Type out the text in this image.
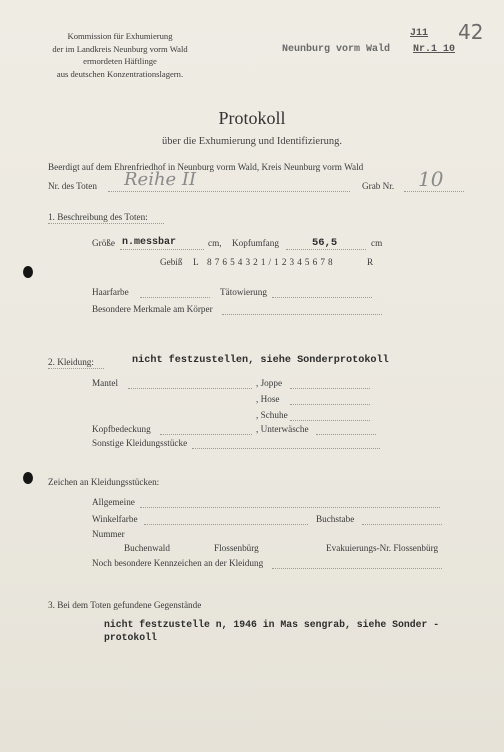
Kommission für Exhumierung
der im Landkreis Neunburg vorm Wald
ermordeten Häftlinge
aus deutschen Konzentrationslagern.
Neunburg vorm Wald Nr.1 10
J11 42
Protokoll
über die Exhumierung und Identifizierung.
Beerdigt auf dem Ehrenfriedhof in Neunburg vorm Wald, Kreis Neunburg vorm Wald
Nr. des Toten Reihe II	Grab Nr. 10
1. Beschreibung des Toten:
Größe n.messbar	cm, Kopfumfang	56,5	cm
Gebiß L 8 7 6 5 4 3 2 1 / 1 2 3 4 5 6 7 8	R
Haarfarbe	Tätowierung
Besondere Merkmale am Körper
2. Kleidung:	nicht festzustellen, siehe Sonderprotokoll
Mantel	, Joppe
, Hose
, Schuhe
Kopfbedeckung	, Unterwäsche
Sonstige Kleidungsstücke
Zeichen an Kleidungsstücken:
Allgemeine
Winkelfarbe	Buchstabe
Nummer
Buchenwald	Flossenbürg	Evakuierungs-Nr. Flossenbürg
Noch besondere Kennzeichen an der Kleidung
3. Bei dem Toten gefundene Gegenstände
nicht festzustelle n, 1946 in Mas sengrab, siehe Sonder -
protokoll
